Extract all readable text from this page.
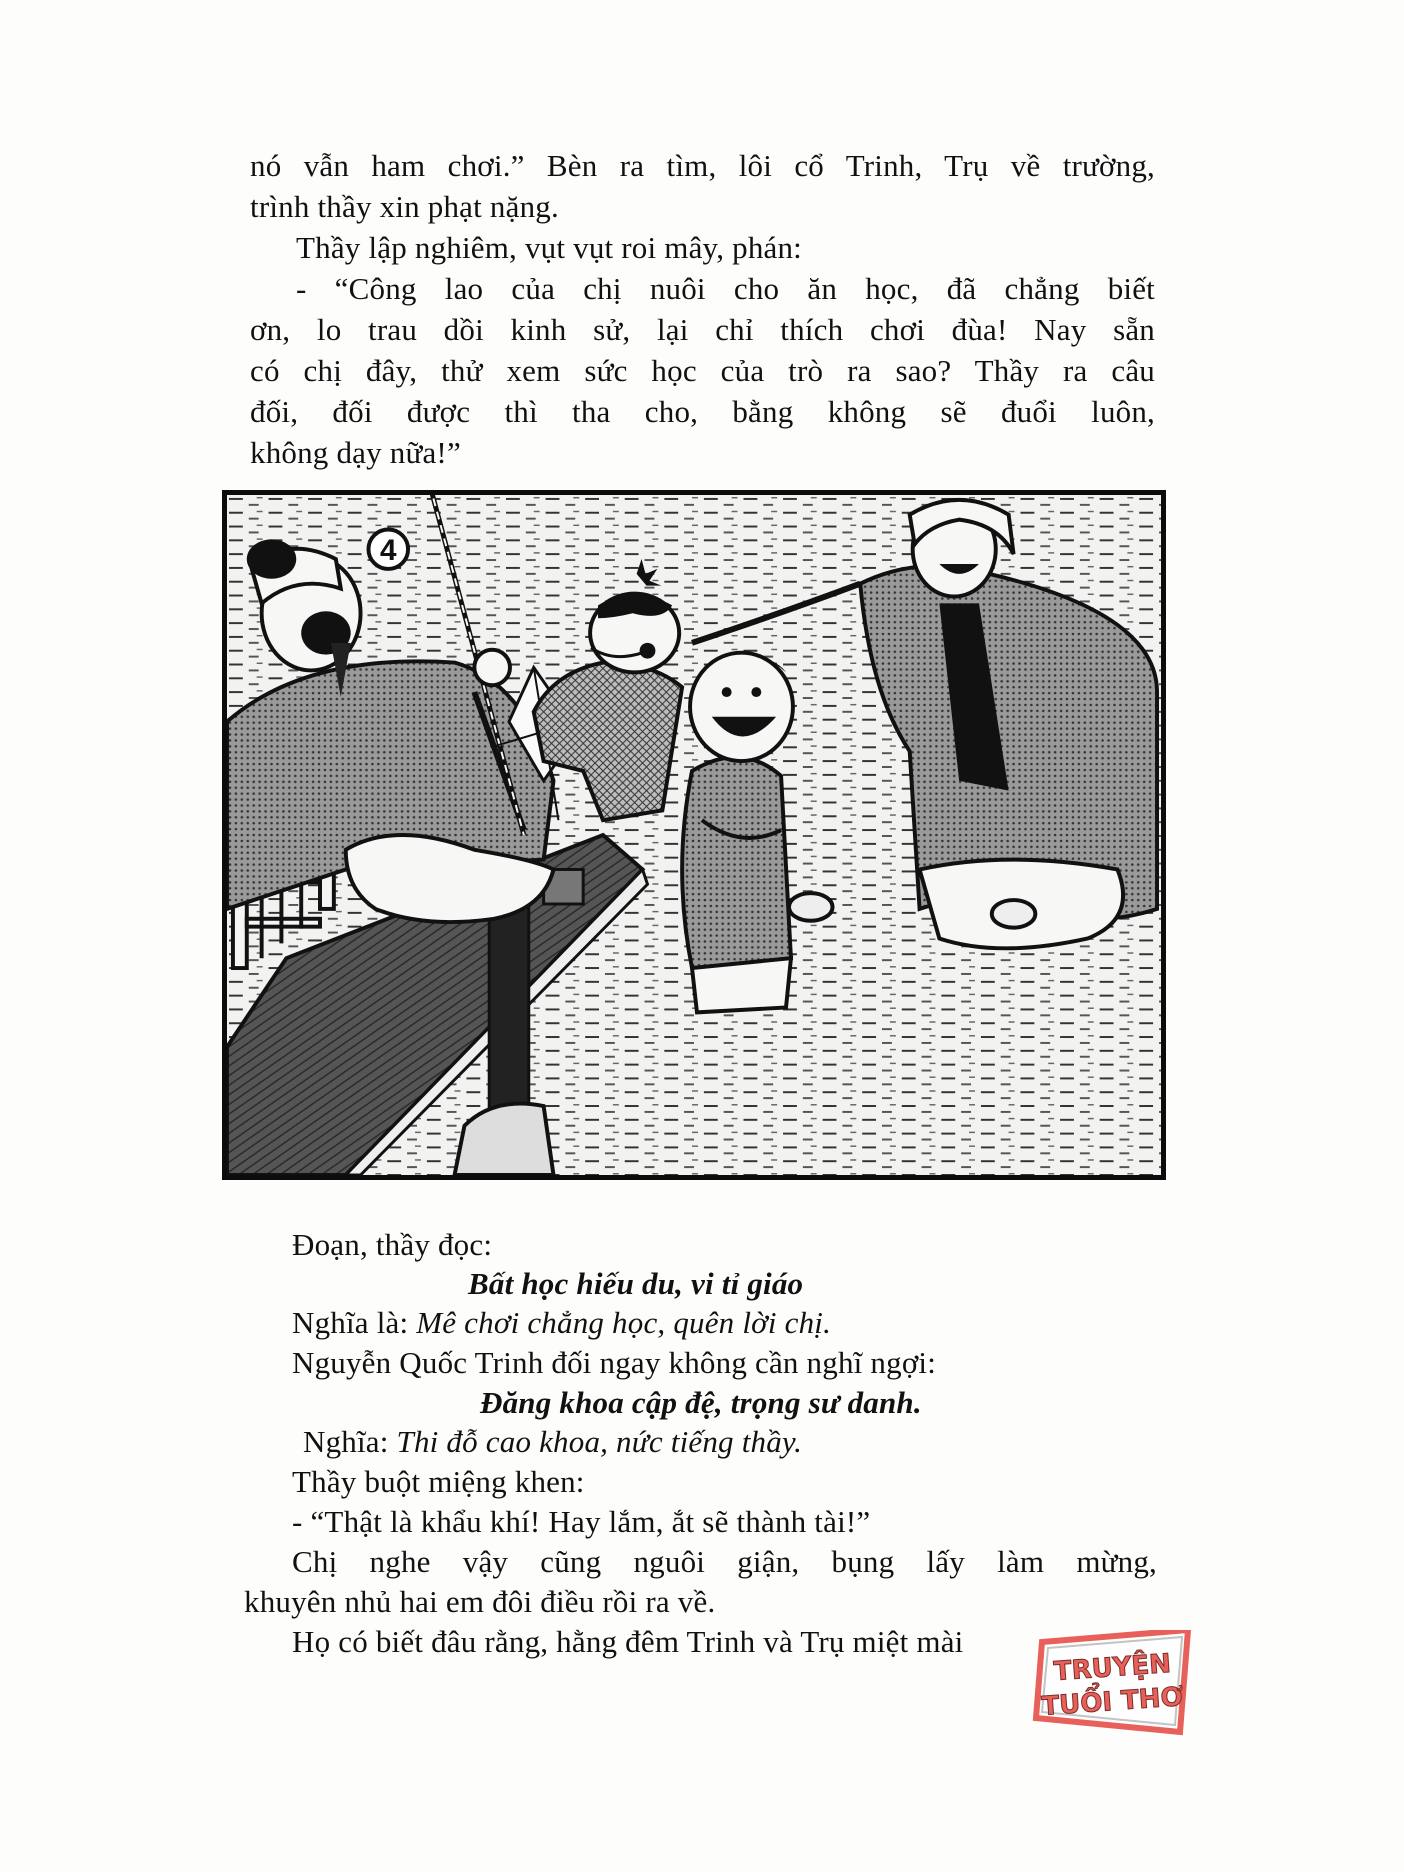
nó vẫn ham chơi.” Bèn ra tìm, lôi cổ Trinh, Trụ về trường,
trình thầy xin phạt nặng.
Thầy lập nghiêm, vụt vụt roi mây, phán:
- “Công lao của chị nuôi cho ăn học, đã chẳng biết
ơn, lo trau dồi kinh sử, lại chỉ thích chơi đùa! Nay sẵn
có chị đây, thử xem sức học của trò ra sao? Thầy ra câu
đối, đối được thì tha cho, bằng không sẽ đuổi luôn,
không dạy nữa!”
4
Đoạn, thầy đọc:
Bất học hiếu du, vi tỉ giáo
Nghĩa là: Mê chơi chẳng học, quên lời chị.
Nguyễn Quốc Trinh đối ngay không cần nghĩ ngợi:
Đăng khoa cập đệ, trọng sư danh.
Nghĩa: Thi đỗ cao khoa, nức tiếng thầy.
Thầy buột miệng khen:
- “Thật là khẩu khí! Hay lắm, ắt sẽ thành tài!”
Chị nghe vậy cũng nguôi giận, bụng lấy làm mừng,
khuyên nhủ hai em đôi điều rồi ra về.
Họ có biết đâu rằng, hằng đêm Trinh và Trụ miệt mài
TRUYỆN
TUỔI THƠ
